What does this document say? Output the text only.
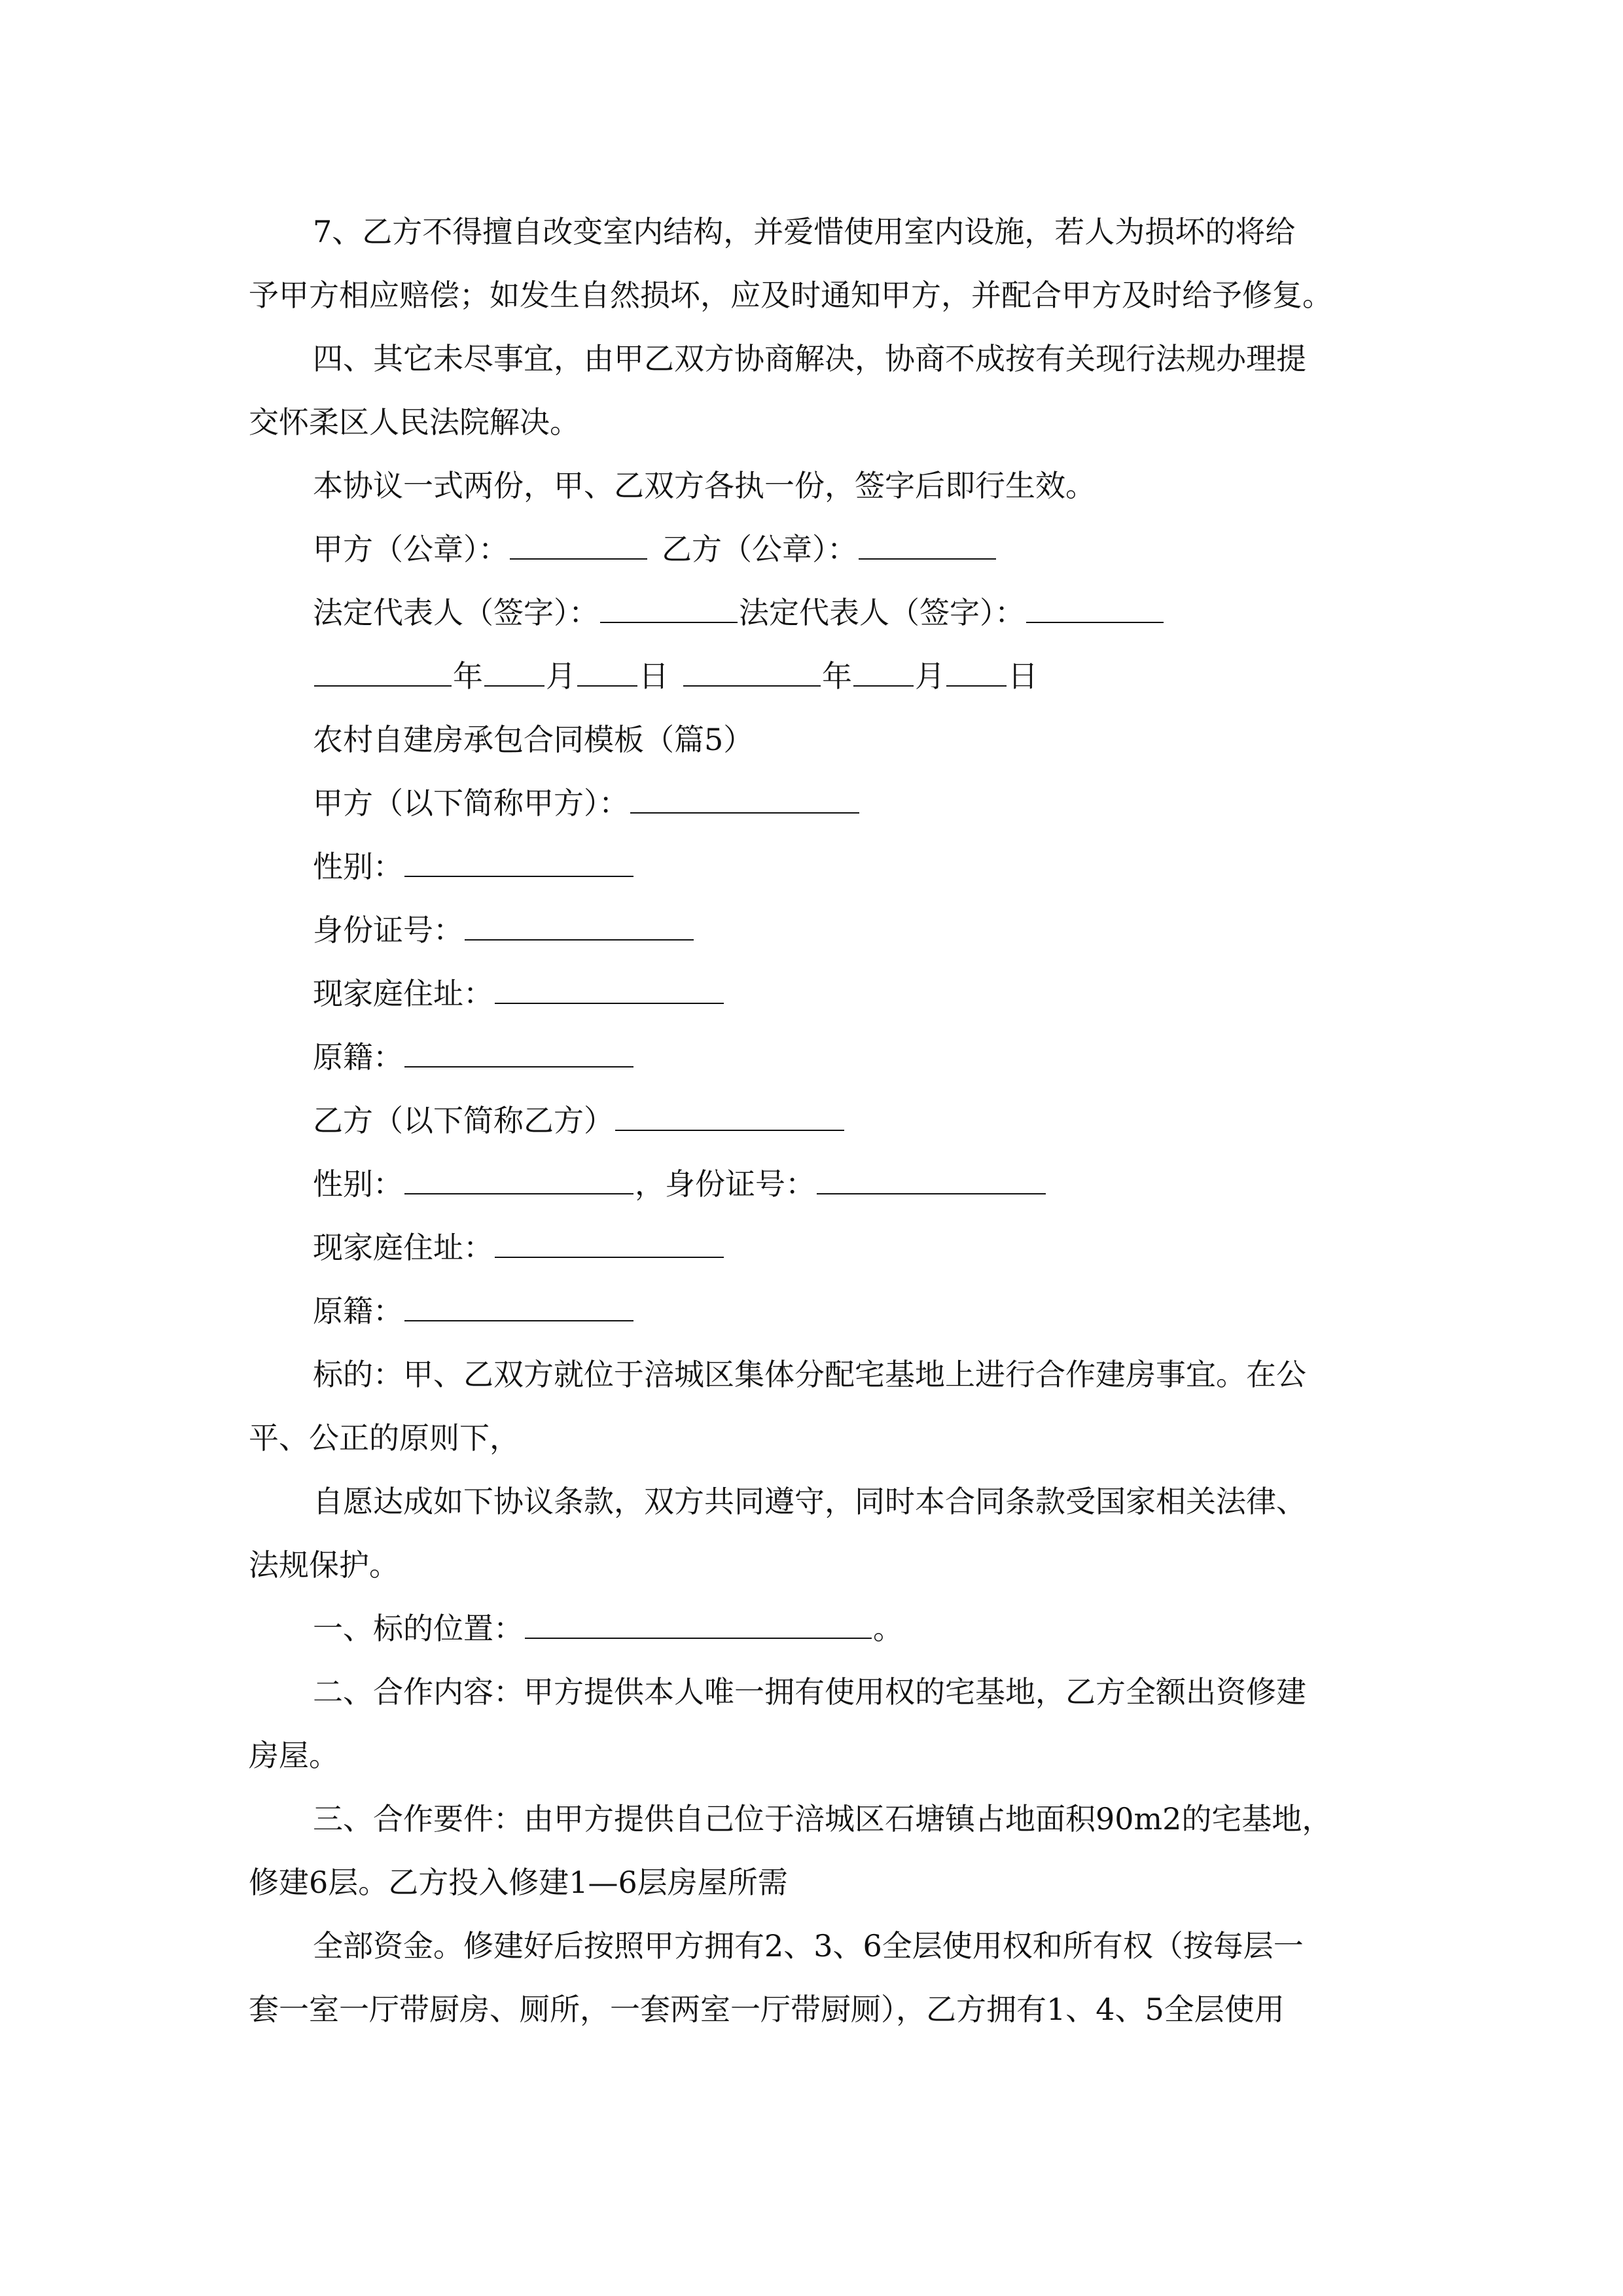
7、乙方不得擅自改变室内结构，并爱惜使用室内设施，若人为损坏的将给
予甲方相应赔偿；如发生自然损坏，应及时通知甲方，并配合甲方及时给予修复。
四、其它未尽事宜，由甲乙双方协商解决，协商不成按有关现行法规办理提
交怀柔区人民法院解决。
本协议一式两份，甲、乙双方各执一份，签字后即行生效。
甲方（公章）：	乙方（公章）：
法定代表人（签字）：	法定代表人（签字）：
年 月 日	年 月 日
农村自建房承包合同模板（篇5）
甲方（以下简称甲方）：
性别：
身份证号：
现家庭住址：
原籍：
乙方（以下简称乙方）
性别：	，身份证号：
现家庭住址：
原籍：
标的：甲、乙双方就位于涪城区集体分配宅基地上进行合作建房事宜。在公
平、公正的原则下，
自愿达成如下协议条款，双方共同遵守，同时本合同条款受国家相关法律、
法规保护。
一、标的位置：	。
二、合作内容：甲方提供本人唯一拥有使用权的宅基地，乙方全额出资修建
房屋。
三、合作要件：由甲方提供自己位于涪城区石塘镇占地面积90m2的宅基地，
修建6层。乙方投入修建1—6层房屋所需
全部资金。修建好后按照甲方拥有2、3、6全层使用权和所有权（按每层一
套一室一厅带厨房、厕所，一套两室一厅带厨厕），乙方拥有1、4、5全层使用
